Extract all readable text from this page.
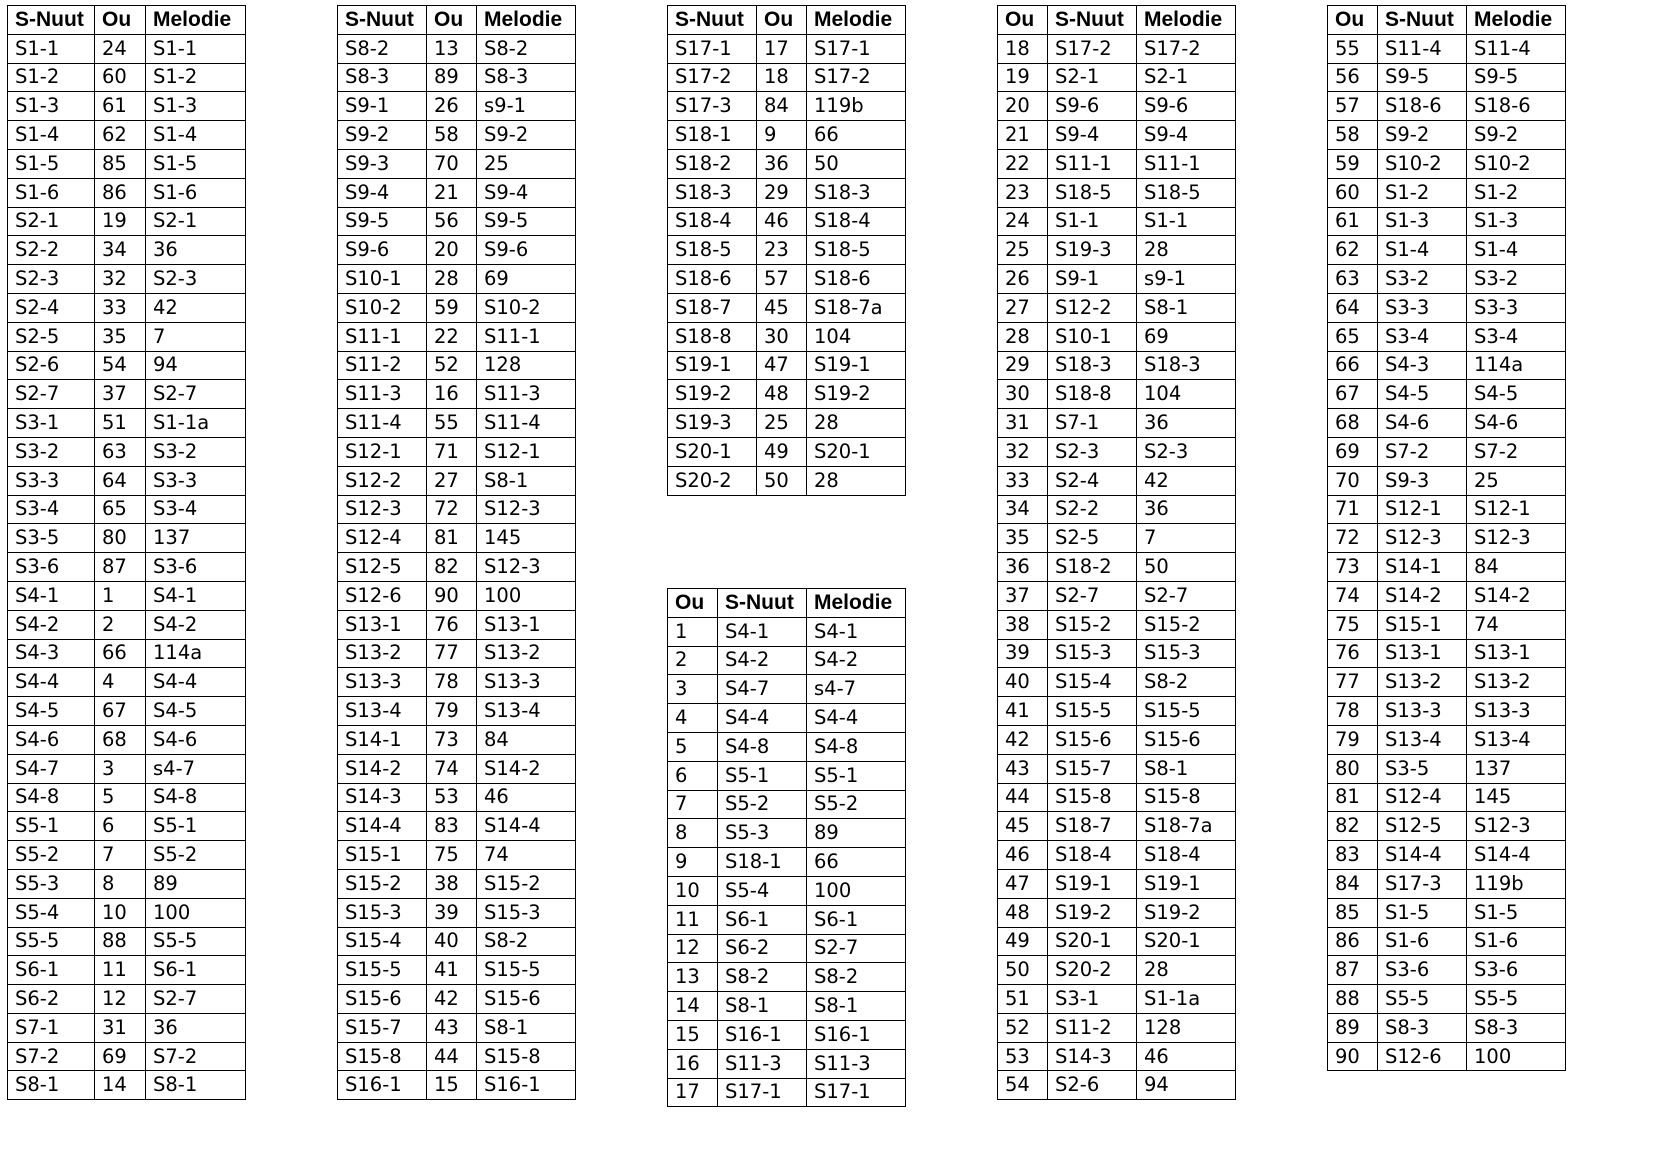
S-Nuut	Ou	Melodie
S1-1	24	S1-1
S1-2	60	S1-2
S1-3	61	S1-3
S1-4	62	S1-4
S1-5	85	S1-5
S1-6	86	S1-6
S2-1	19	S2-1
S2-2	34	36
S2-3	32	S2-3
S2-4	33	42
S2-5	35	7
S2-6	54	94
S2-7	37	S2-7
S3-1	51	S1-1a
S3-2	63	S3-2
S3-3	64	S3-3
S3-4	65	S3-4
S3-5	80	137
S3-6	87	S3-6
S4-1	1	S4-1
S4-2	2	S4-2
S4-3	66	114a
S4-4	4	S4-4
S4-5	67	S4-5
S4-6	68	S4-6
S4-7	3	s4-7
S4-8	5	S4-8
S5-1	6	S5-1
S5-2	7	S5-2
S5-3	8	89
S5-4	10	100
S5-5	88	S5-5
S6-1	11	S6-1
S6-2	12	S2-7
S7-1	31	36
S7-2	69	S7-2
S8-1	14	S8-1
S-Nuut	Ou	Melodie
S8-2	13	S8-2
S8-3	89	S8-3
S9-1	26	s9-1
S9-2	58	S9-2
S9-3	70	25
S9-4	21	S9-4
S9-5	56	S9-5
S9-6	20	S9-6
S10-1	28	69
S10-2	59	S10-2
S11-1	22	S11-1
S11-2	52	128
S11-3	16	S11-3
S11-4	55	S11-4
S12-1	71	S12-1
S12-2	27	S8-1
S12-3	72	S12-3
S12-4	81	145
S12-5	82	S12-3
S12-6	90	100
S13-1	76	S13-1
S13-2	77	S13-2
S13-3	78	S13-3
S13-4	79	S13-4
S14-1	73	84
S14-2	74	S14-2
S14-3	53	46
S14-4	83	S14-4
S15-1	75	74
S15-2	38	S15-2
S15-3	39	S15-3
S15-4	40	S8-2
S15-5	41	S15-5
S15-6	42	S15-6
S15-7	43	S8-1
S15-8	44	S15-8
S16-1	15	S16-1
S-Nuut	Ou	Melodie
S17-1	17	S17-1
S17-2	18	S17-2
S17-3	84	119b
S18-1	9	66
S18-2	36	50
S18-3	29	S18-3
S18-4	46	S18-4
S18-5	23	S18-5
S18-6	57	S18-6
S18-7	45	S18-7a
S18-8	30	104
S19-1	47	S19-1
S19-2	48	S19-2
S19-3	25	28
S20-1	49	S20-1
S20-2	50	28
Ou	S-Nuut	Melodie
1	S4-1	S4-1
2	S4-2	S4-2
3	S4-7	s4-7
4	S4-4	S4-4
5	S4-8	S4-8
6	S5-1	S5-1
7	S5-2	S5-2
8	S5-3	89
9	S18-1	66
10	S5-4	100
11	S6-1	S6-1
12	S6-2	S2-7
13	S8-2	S8-2
14	S8-1	S8-1
15	S16-1	S16-1
16	S11-3	S11-3
17	S17-1	S17-1
Ou	S-Nuut	Melodie
18	S17-2	S17-2
19	S2-1	S2-1
20	S9-6	S9-6
21	S9-4	S9-4
22	S11-1	S11-1
23	S18-5	S18-5
24	S1-1	S1-1
25	S19-3	28
26	S9-1	s9-1
27	S12-2	S8-1
28	S10-1	69
29	S18-3	S18-3
30	S18-8	104
31	S7-1	36
32	S2-3	S2-3
33	S2-4	42
34	S2-2	36
35	S2-5	7
36	S18-2	50
37	S2-7	S2-7
38	S15-2	S15-2
39	S15-3	S15-3
40	S15-4	S8-2
41	S15-5	S15-5
42	S15-6	S15-6
43	S15-7	S8-1
44	S15-8	S15-8
45	S18-7	S18-7a
46	S18-4	S18-4
47	S19-1	S19-1
48	S19-2	S19-2
49	S20-1	S20-1
50	S20-2	28
51	S3-1	S1-1a
52	S11-2	128
53	S14-3	46
54	S2-6	94
Ou	S-Nuut	Melodie
55	S11-4	S11-4
56	S9-5	S9-5
57	S18-6	S18-6
58	S9-2	S9-2
59	S10-2	S10-2
60	S1-2	S1-2
61	S1-3	S1-3
62	S1-4	S1-4
63	S3-2	S3-2
64	S3-3	S3-3
65	S3-4	S3-4
66	S4-3	114a
67	S4-5	S4-5
68	S4-6	S4-6
69	S7-2	S7-2
70	S9-3	25
71	S12-1	S12-1
72	S12-3	S12-3
73	S14-1	84
74	S14-2	S14-2
75	S15-1	74
76	S13-1	S13-1
77	S13-2	S13-2
78	S13-3	S13-3
79	S13-4	S13-4
80	S3-5	137
81	S12-4	145
82	S12-5	S12-3
83	S14-4	S14-4
84	S17-3	119b
85	S1-5	S1-5
86	S1-6	S1-6
87	S3-6	S3-6
88	S5-5	S5-5
89	S8-3	S8-3
90	S12-6	100
